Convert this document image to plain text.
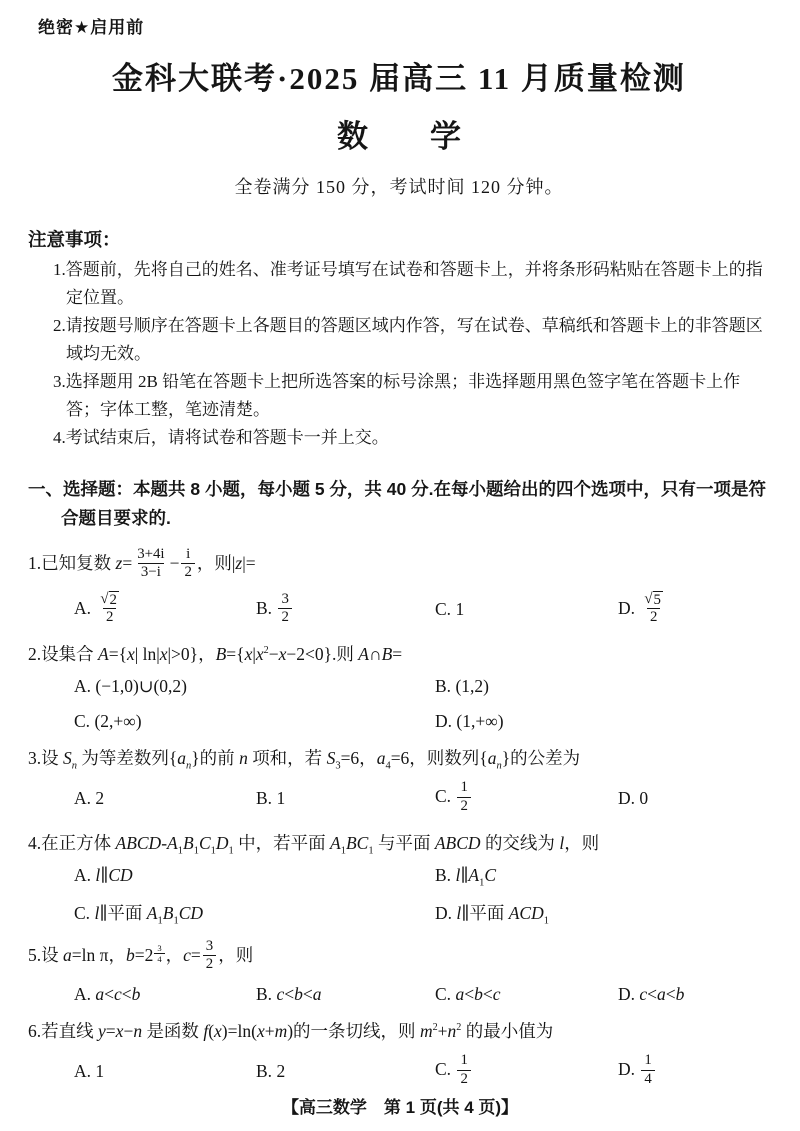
绝密★启用前
金科大联考·2025 届高三 11 月质量检测
数　　学
全卷满分 150 分，考试时间 120 分钟。
注意事项：
1.答题前，先将自己的姓名、准考证号填写在试卷和答题卡上，并将条形码粘贴在答题卡上的指定位置。
2.请按题号顺序在答题卡上各题目的答题区域内作答，写在试卷、草稿纸和答题卡上的非答题区域均无效。
3.选择题用 2B 铅笔在答题卡上把所选答案的标号涂黑；非选择题用黑色签字笔在答题卡上作答；字体工整，笔迹清楚。
4.考试结束后，请将试卷和答题卡一并上交。
一、选择题：本题共 8 小题，每小题 5 分，共 40 分.在每小题给出的四个选项中，只有一项是符合题目要求的.
1.已知复数 $z= \frac{3+4i}{3-i} - \frac{i}{2}$ ，则|z|=
A. $\frac{√ 2}{2}$	B. $\frac{3}{2}$	C. 1	D. $\frac{√ 5}{2}$
2.设集合 A={x| ln|x|>0}，$B=\{x|x^2-x-2<0\}$.则 A∩B=
A. (−1,0)∪(0,2)	B. (1,2)
C. (2,+∞)	D. (1,+∞)
3.设 $S_n$ 为等差数列$\{a_n\}$的前 n 项和，若 $S_3=6$，$a_4=6$，则数列$\{a_n\}$的公差为
A. 2	B. 1	C. $\frac{1}{2}$	D. 0
4.在正方体 ABCD-$A_1B_1C_1D_1$ 中，若平面 $A_1BC_1$ 与平面 ABCD 的交线为 l，则
A. l∥CD	B. $l\parallel A_1C$
C. l∥平面 $A_1B_1CD$	D. l∥平面 $ACD_1$
5.设 a=ln π，b=2 $^{\frac{3}{4}}$ ，$c= \frac{3}{2}$ ，则
A. a<c<b	B. c<b<a	C. a<b<c	D. c<a<b
6.若直线 y=x−n 是函数 f(x)=ln(x+m)的一条切线，则 $m^2+n^2$ 的最小值为
A. 1	B. 2	C. $\frac{1}{2}$	D. $\frac{1}{4}$
【高三数学　第 1 页(共 4 页)】
